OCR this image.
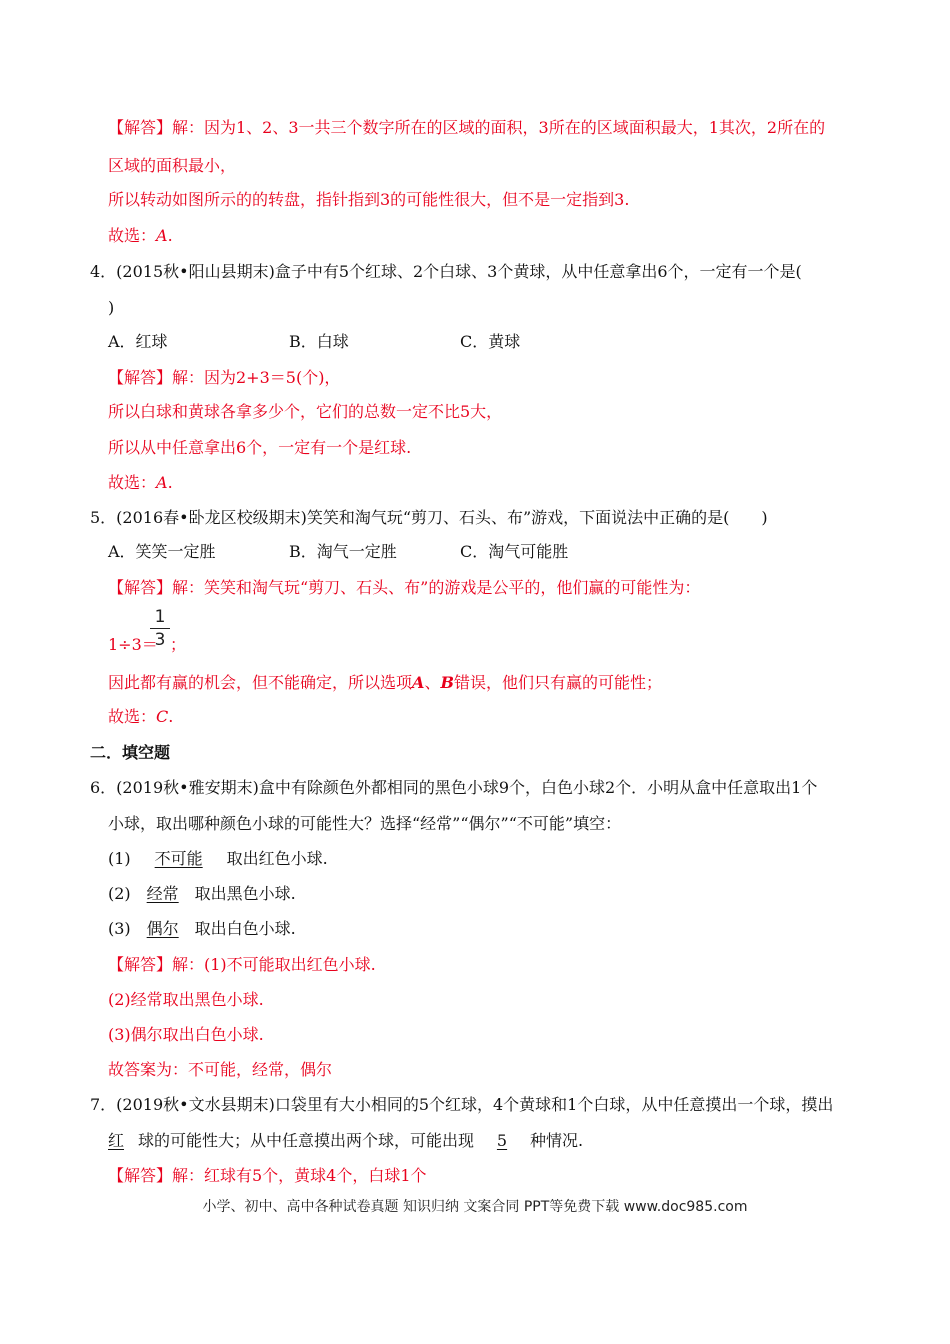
【解答】解：因为1、2、3一共三个数字所在的区域的面积，3所在的区域面积最大，1其次，2所在的
区域的面积最小，
所以转动如图所示的的转盘，指针指到3的可能性很大，但不是一定指到3.
故选：A.
4．(2015秋•阳山县期末)盒子中有5个红球、2个白球、3个黄球，从中任意拿出6个，一定有一个是(
)
A．红球	B．白球	C．黄球
【解答】解：因为2+3＝5(个)，
所以白球和黄球各拿多少个，它们的总数一定不比5大，
所以从中任意拿出6个，一定有一个是红球.
故选：A.
5．(2016春•卧龙区校级期末)笑笑和淘气玩“剪刀、石头、布”游戏，下面说法中正确的是(　　)
A．笑笑一定胜	B．淘气一定胜	C．淘气可能胜
【解答】解：笑笑和淘气玩“剪刀、石头、布”的游戏是公平的，他们赢的可能性为：
1÷3＝
1
3 ；
因此都有赢的机会，但不能确定，所以选项A、B错误，他们只有赢的可能性；
故选：C.
二．填空题
6．(2019秋•雅安期末)盒中有除颜色外都相同的黑色小球9个，白色小球2个．小明从盒中任意取出1个
小球，取出哪种颜色小球的可能性大？选择“经常”“偶尔”“不可能”填空：
(1) 不可能 取出红色小球.
(2) 经常 取出黑色小球.
(3) 偶尔 取出白色小球.
【解答】解：(1)不可能取出红色小球.
(2)经常取出黑色小球.
(3)偶尔取出白色小球.
故答案为：不可能，经常，偶尔
7．(2019秋•文水县期末)口袋里有大小相同的5个红球，4个黄球和1个白球，从中任意摸出一个球，摸出
红 球的可能性大；从中任意摸出两个球，可能出现 5 种情况.
【解答】解：红球有5个，黄球4个，白球1个
小学、初中、高中各种试卷真题 知识归纳 文案合同 PPT等免费下载 www.doc985.com
